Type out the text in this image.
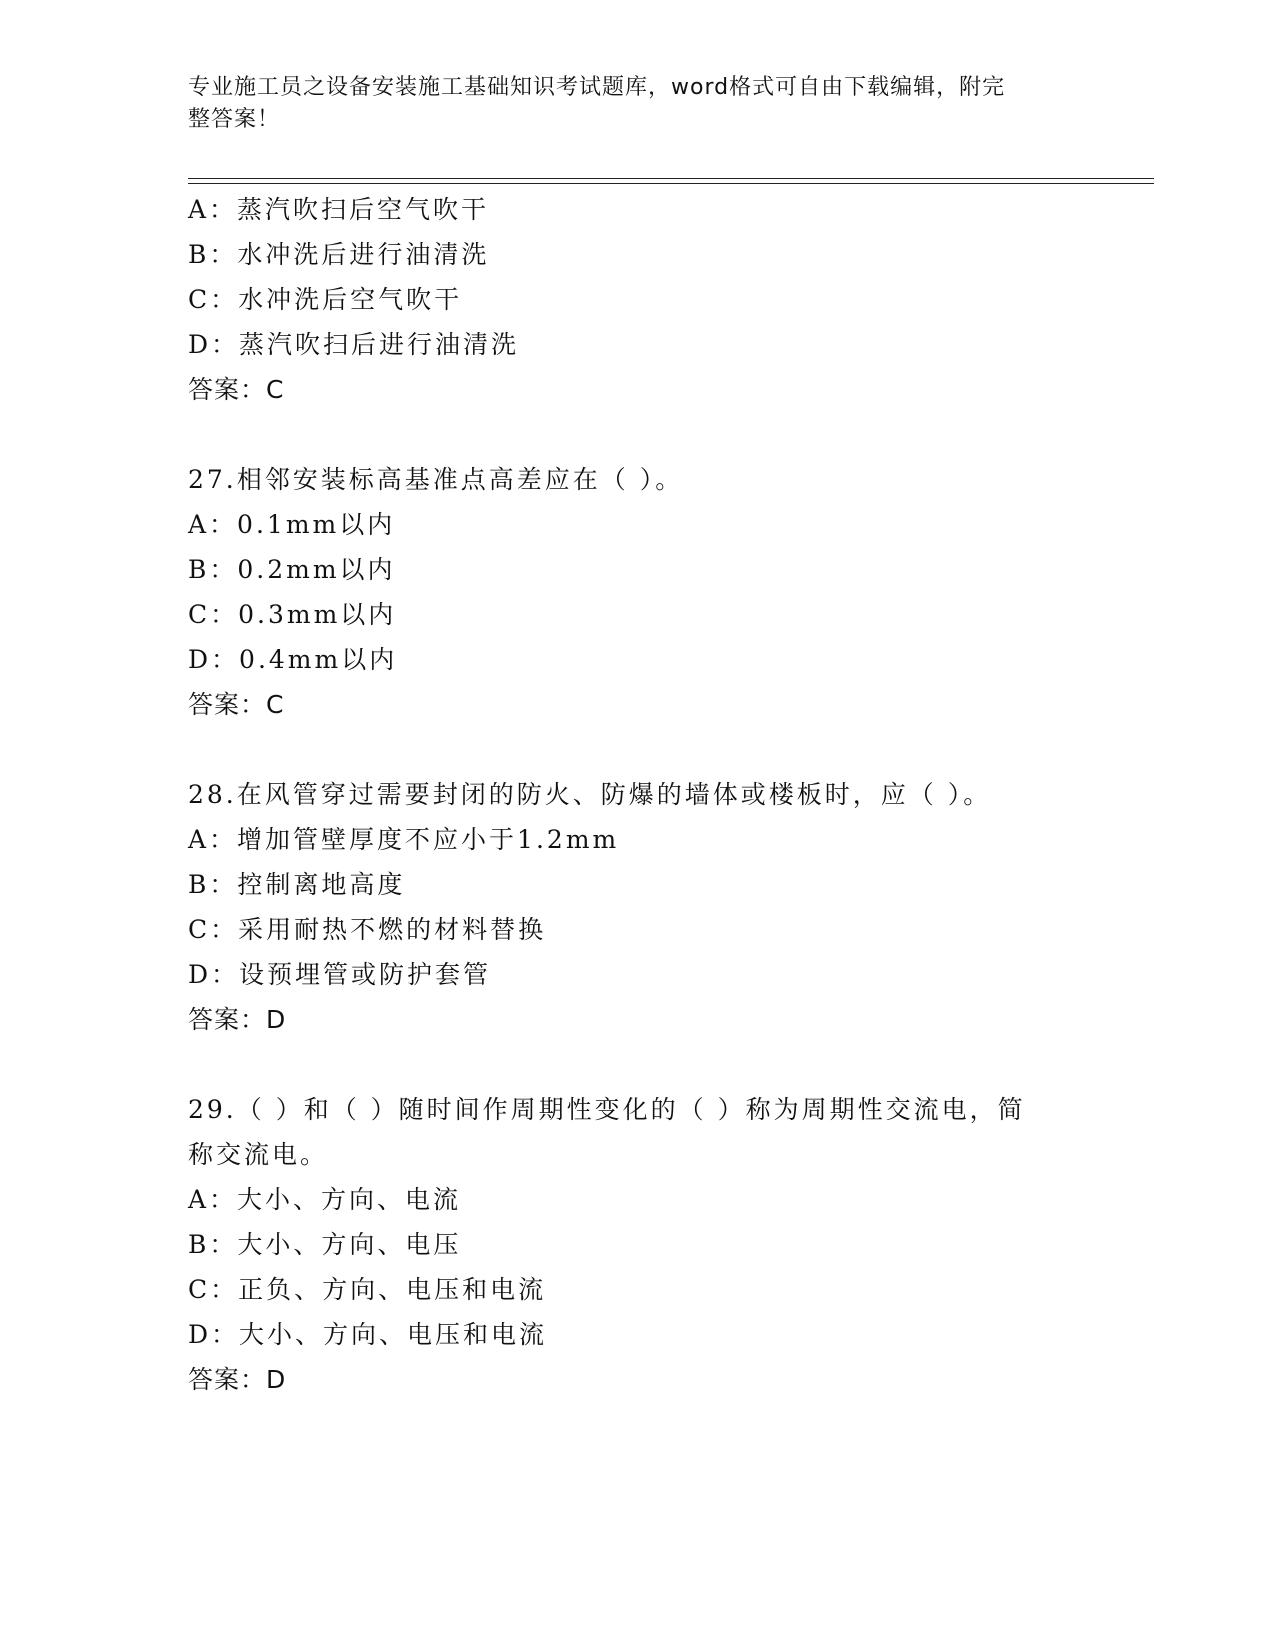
专业施工员之设备安装施工基础知识考试题库，word格式可自由下载编辑，附完
整答案！
A：蒸汽吹扫后空气吹干
B：水冲洗后进行油清洗
C：水冲洗后空气吹干
D：蒸汽吹扫后进行油清洗
答案：C
27.相邻安装标高基准点高差应在（ ）。
A：0.1mm以内
B：0.2mm以内
C：0.3mm以内
D：0.4mm以内
答案：C
28.在风管穿过需要封闭的防火、防爆的墙体或楼板时，应（ ）。
A：增加管壁厚度不应小于1.2mm
B：控制离地高度
C：采用耐热不燃的材料替换
D：设预埋管或防护套管
答案：D
29.（ ）和（ ）随时间作周期性变化的（ ）称为周期性交流电，简
称交流电。
A：大小、方向、电流
B：大小、方向、电压
C：正负、方向、电压和电流
D：大小、方向、电压和电流
答案：D
